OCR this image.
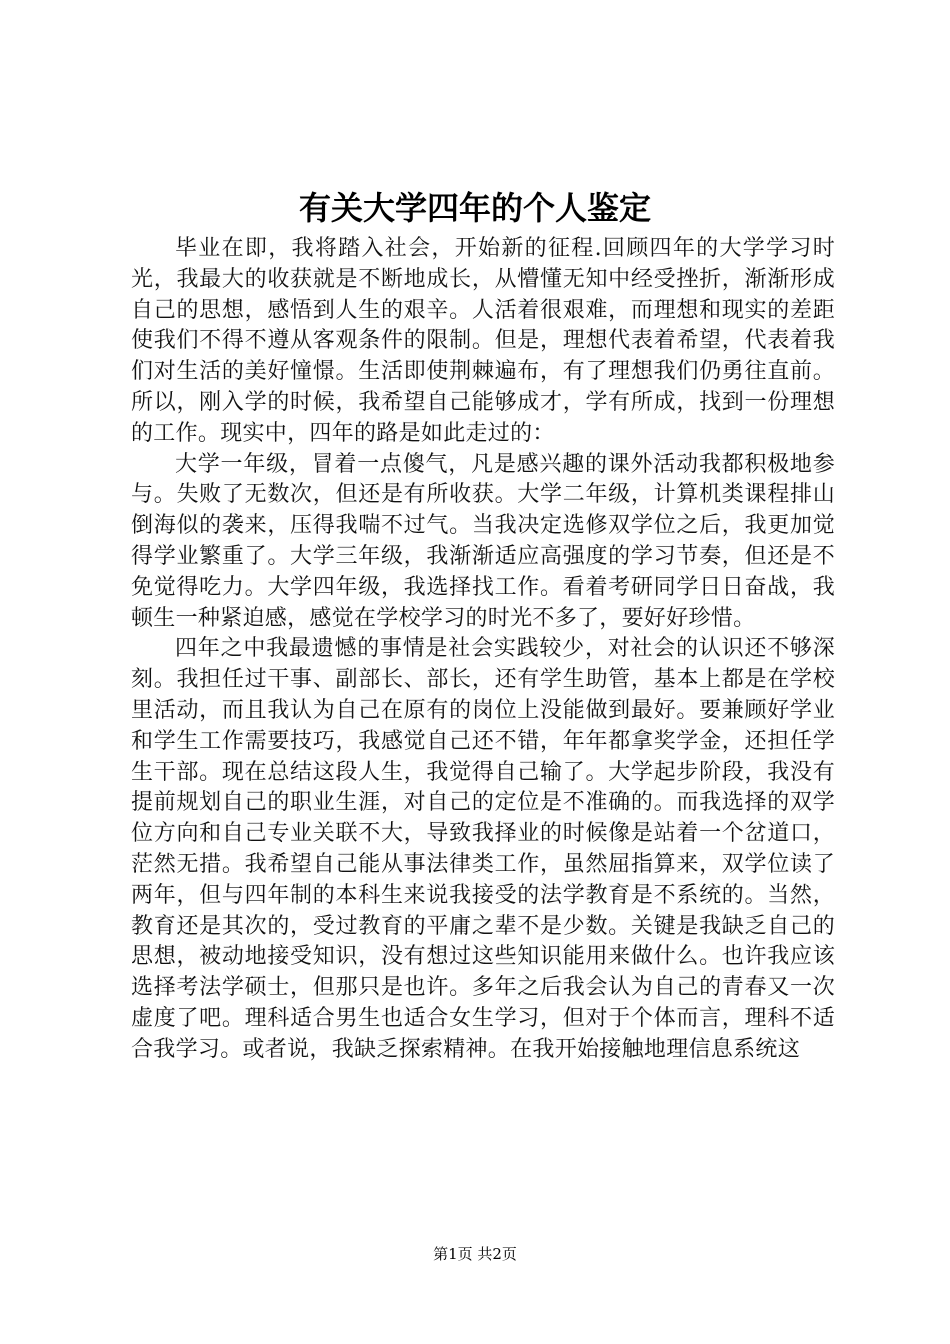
有关大学四年的个人鉴定

毕业在即，我将踏入社会，开始新的征程.回顾四年的大学学习时光，我最大的收获就是不断地成长，从懵懂无知中经受挫折，渐渐形成自己的思想，感悟到人生的艰辛。人活着很艰难，而理想和现实的差距使我们不得不遵从客观条件的限制。但是，理想代表着希望，代表着我们对生活的美好憧憬。生活即使荆棘遍布，有了理想我们仍勇往直前。所以，刚入学的时候，我希望自己能够成才，学有所成，找到一份理想的工作。现实中，四年的路是如此走过的：

大学一年级，冒着一点傻气，凡是感兴趣的课外活动我都积极地参与。失败了无数次，但还是有所收获。大学二年级，计算机类课程排山倒海似的袭来，压得我喘不过气。当我决定选修双学位之后，我更加觉得学业繁重了。大学三年级，我渐渐适应高强度的学习节奏，但还是不免觉得吃力。大学四年级，我选择找工作。看着考研同学日日奋战，我顿生一种紧迫感，感觉在学校学习的时光不多了，要好好珍惜。

四年之中我最遗憾的事情是社会实践较少，对社会的认识还不够深刻。我担任过干事、副部长、部长，还有学生助管，基本上都是在学校里活动，而且我认为自己在原有的岗位上没能做到最好。要兼顾好学业和学生工作需要技巧，我感觉自己还不错，年年都拿奖学金，还担任学生干部。现在总结这段人生，我觉得自己输了。大学起步阶段，我没有提前规划自己的职业生涯，对自己的定位是不准确的。而我选择的双学位方向和自己专业关联不大，导致我择业的时候像是站着一个岔道口，茫然无措。我希望自己能从事法律类工作，虽然屈指算来，双学位读了两年，但与四年制的本科生来说我接受的法学教育是不系统的。当然，教育还是其次的，受过教育的平庸之辈不是少数。关键是我缺乏自己的思想，被动地接受知识，没有想过这些知识能用来做什么。也许我应该选择考法学硕士，但那只是也许。多年之后我会认为自己的青春又一次虚度了吧。理科适合男生也适合女生学习，但对于个体而言，理科不适合我学习。或者说，我缺乏探索精神。在我开始接触地理信息系统这

第1页 共2页
